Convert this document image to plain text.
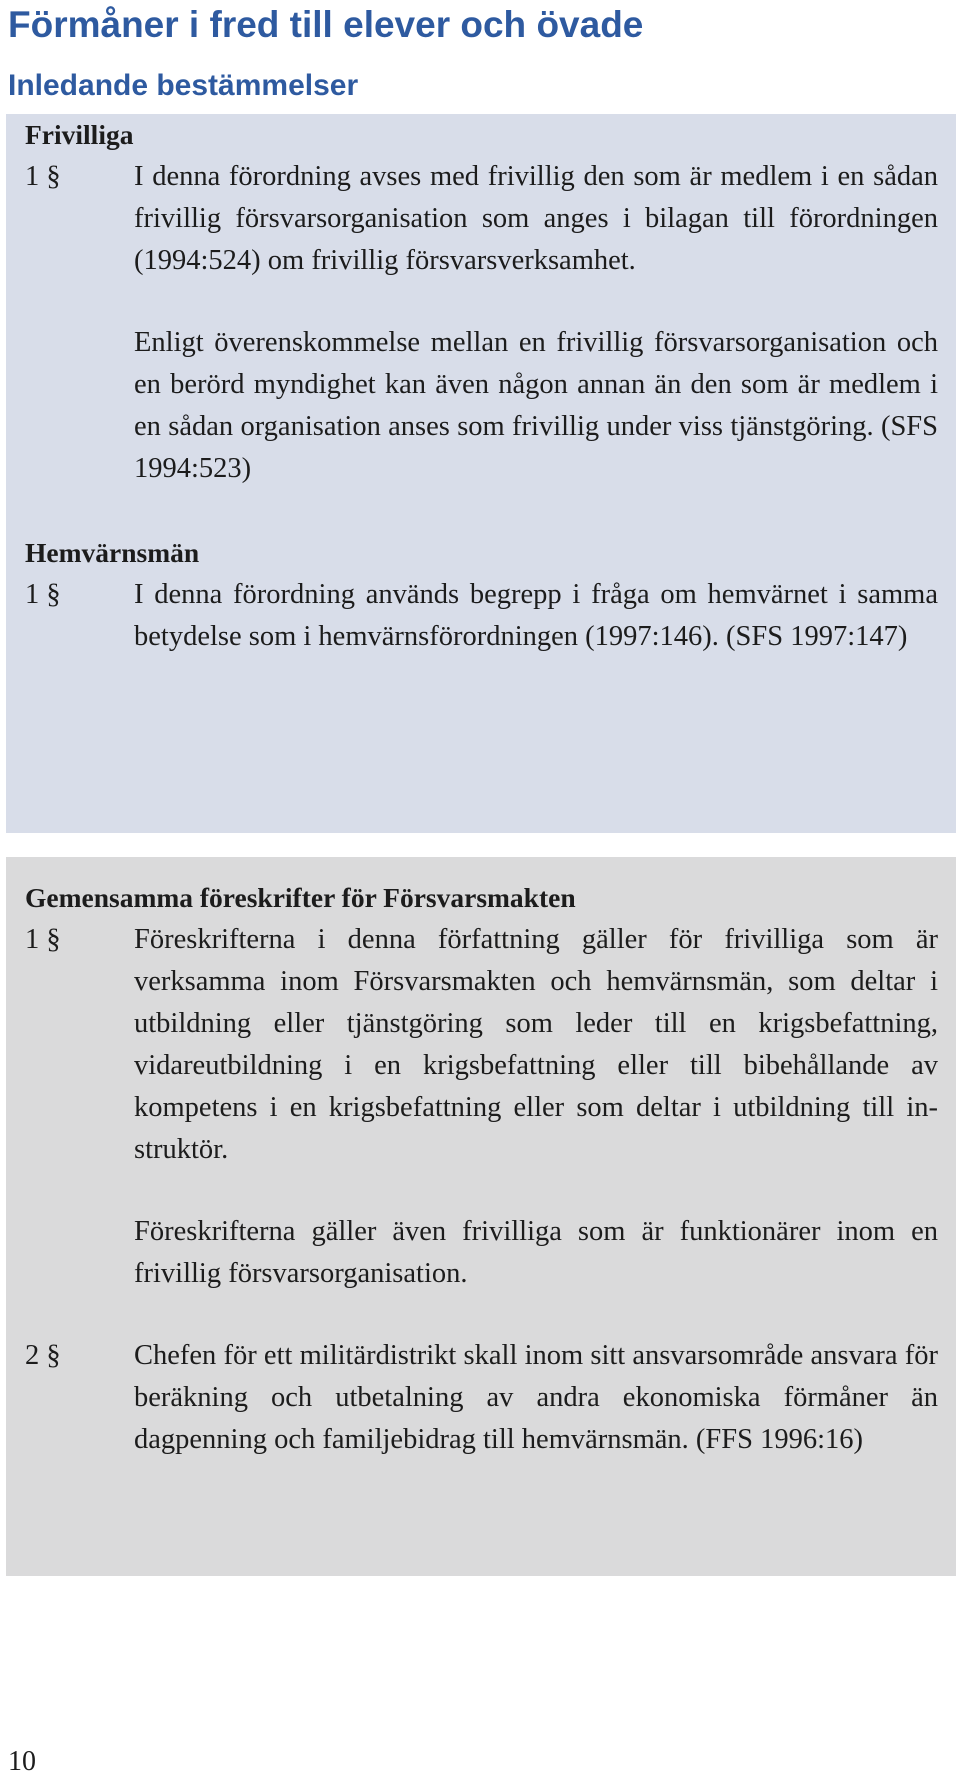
Förmåner i fred till elever och övade
Inledande bestämmelser
Frivilliga

1 §	I denna förordning avses med frivillig den som är medlem i en sådan frivillig försvarsorganisation som anges i bilagan till förordningen (1994:524) om frivillig försvarsverksamhet.

Enligt överenskommelse mellan en frivillig försvarsorganisation och en berörd myndighet kan även någon annan än den som är medlem i en sådan organisation anses som frivillig under viss tjänstgöring. (SFS 1994:523)

Hemvärnsmän

1 §	I denna förordning används begrepp i fråga om hemvärnet i samma betydelse som i hemvärnsförordningen (1997:146). (SFS 1997:147)

Gemensamma föreskrifter för Försvarsmakten

1 §	Föreskrifterna i denna författning gäller för frivilliga som är verksamma inom Försvarsmakten och hemvärnsmän, som deltar i utbildning eller tjänstgöring som leder till en krigsbefattning, vidareutbildning i en krigsbefattning eller till bibehållande av kompetens i en krigsbefattning eller som deltar i utbildning till instruktör.

Föreskrifterna gäller även frivilliga som är funktionärer inom en frivillig försvarsorganisation.

2 §	Chefen för ett militärdistrikt skall inom sitt ansvarsområde ansvara för beräkning och utbetalning av andra ekonomiska förmåner än dagpenning och familjebidrag till hemvärnsmän. (FFS 1996:16)

10
